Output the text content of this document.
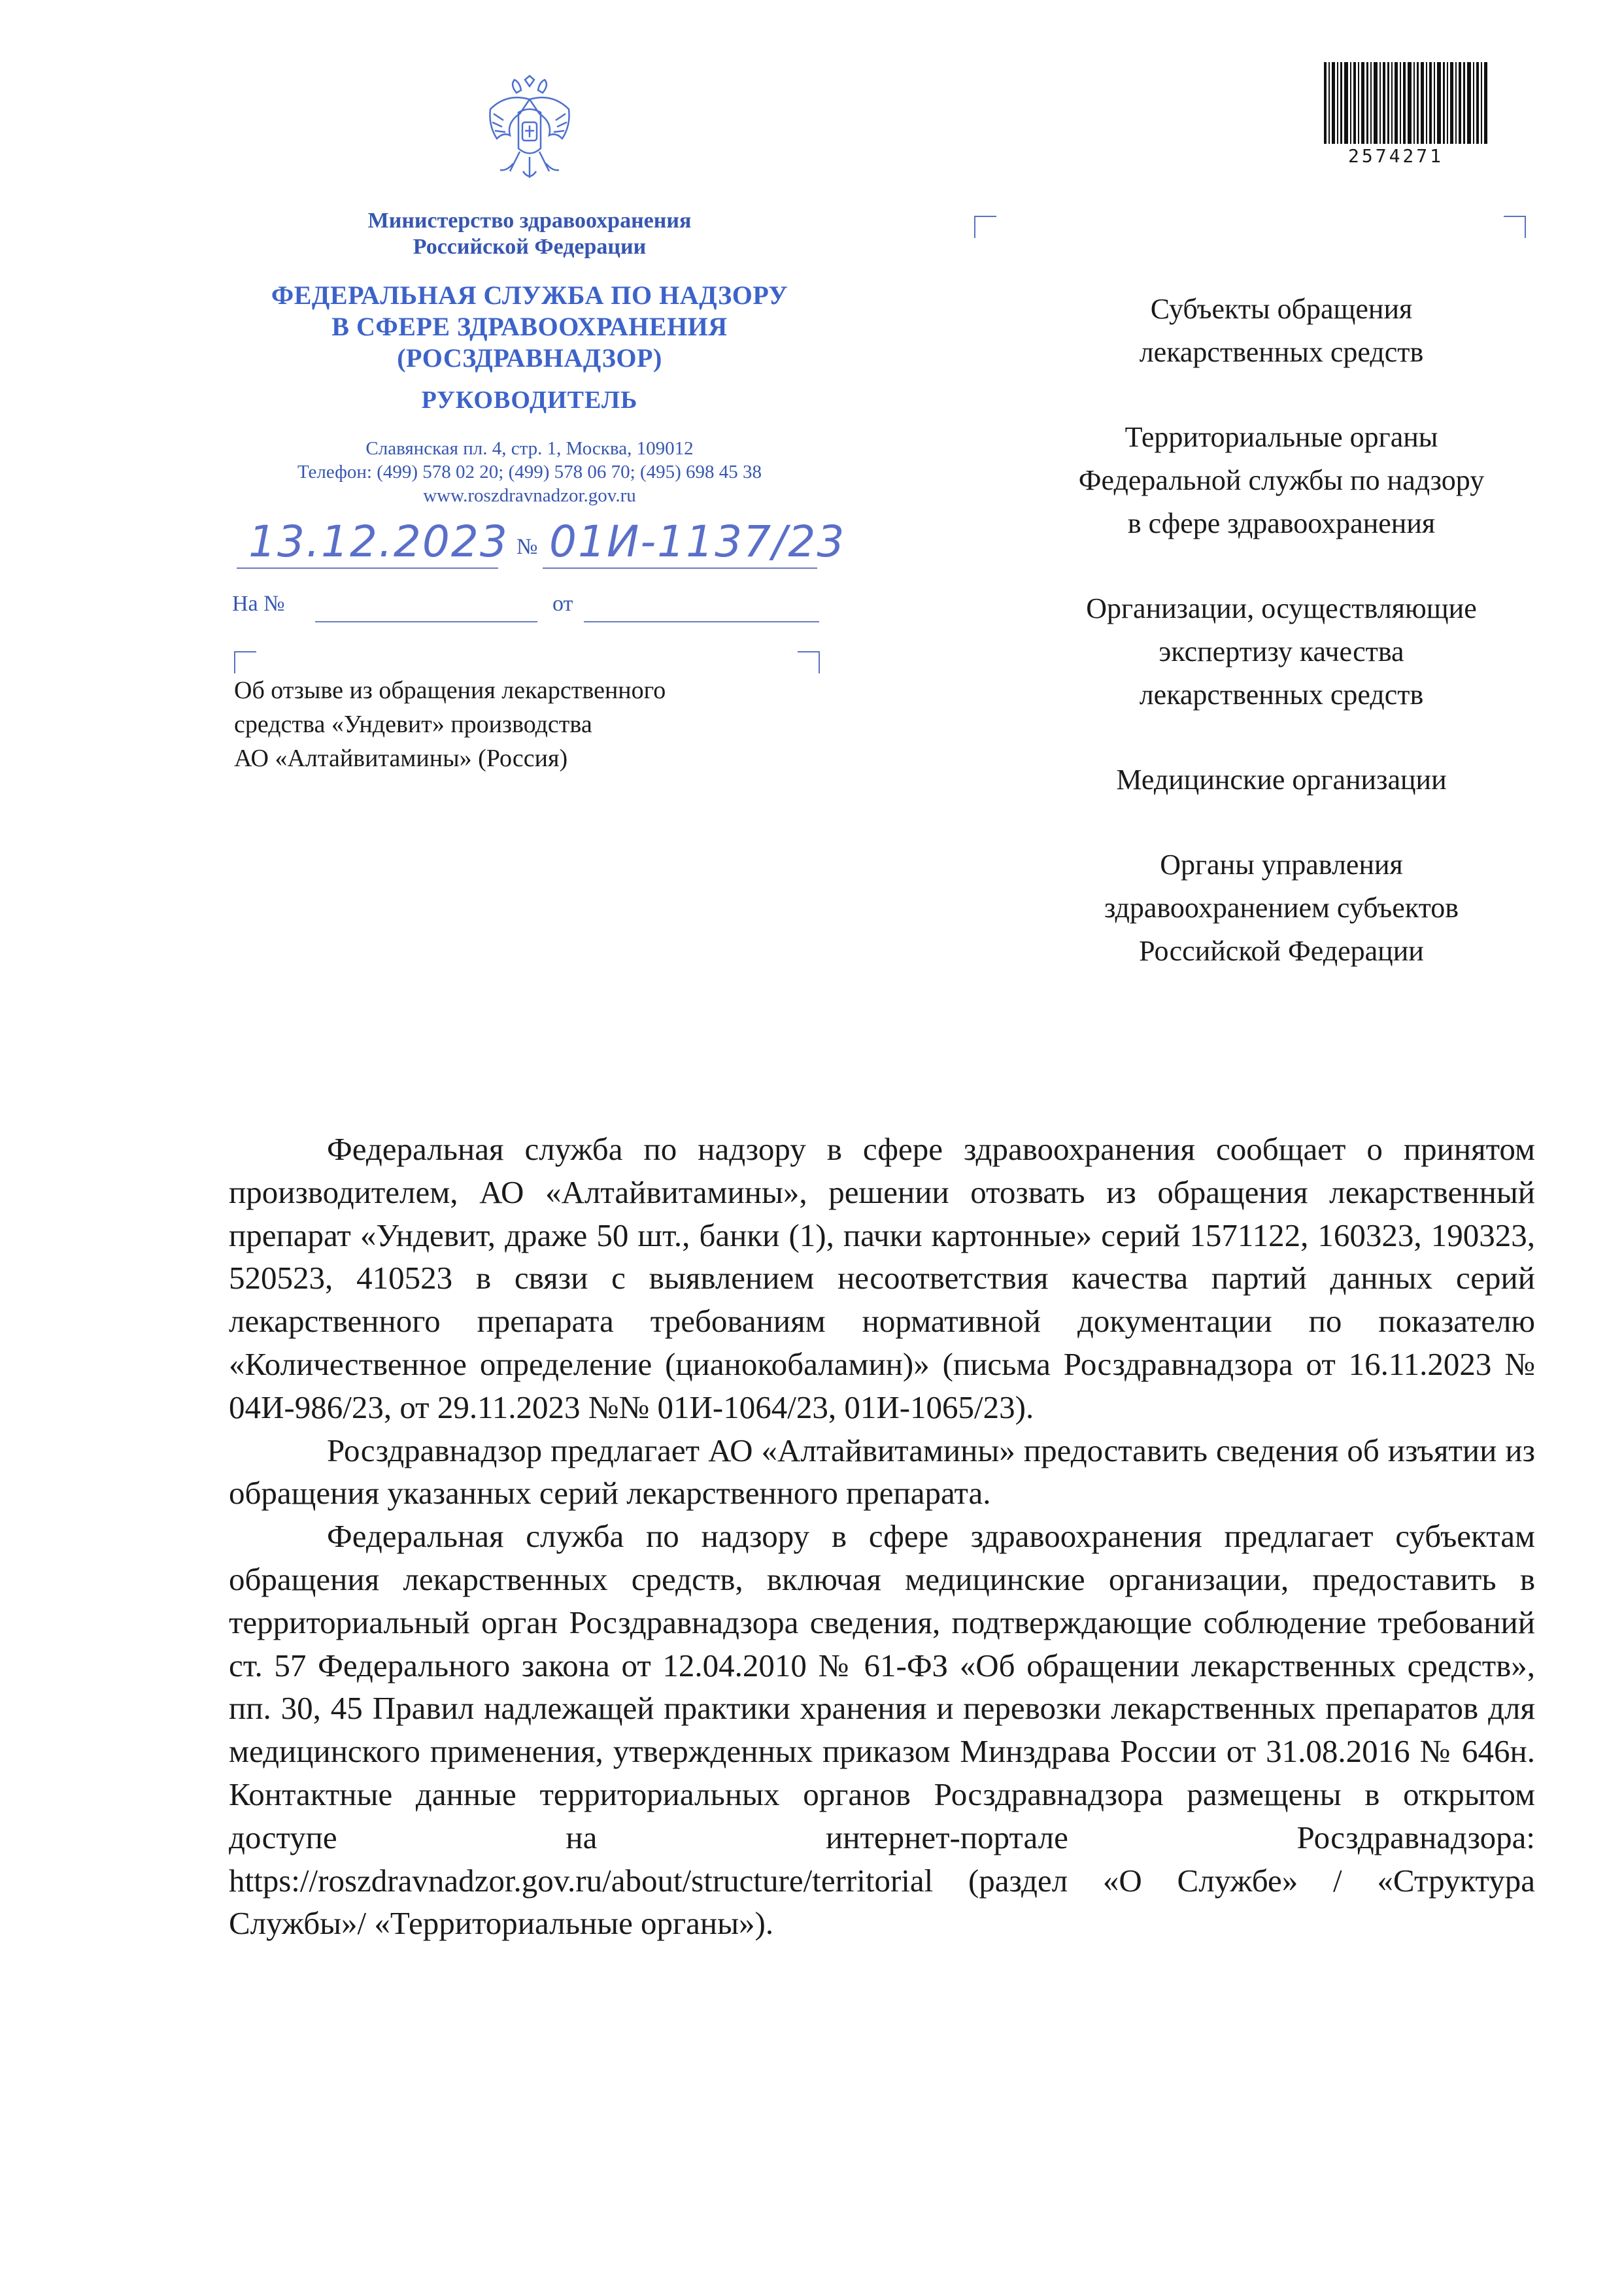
Министерство здравоохранения
Российской Федерации
ФЕДЕРАЛЬНАЯ СЛУЖБА ПО НАДЗОРУ
В СФЕРЕ ЗДРАВООХРАНЕНИЯ
(РОСЗДРАВНАДЗОР)
РУКОВОДИТЕЛЬ
Славянская пл. 4, стр. 1, Москва, 109012
Телефон: (499) 578 02 20; (499) 578 06 70; (495) 698 45 38
www.roszdravnadzor.gov.ru
13.12.2023 № 01И-1137/23
На №	от
Об отзыве из обращения лекарственного
средства «Ундевит» производства
АО «Алтайвитамины» (Россия)
2574271

Субъекты обращения
лекарственных средств

Территориальные органы
Федеральной службы по надзору
в сфере здравоохранения

Организации, осуществляющие
экспертизу качества
лекарственных средств

Медицинские организации

Органы управления
здравоохранением субъектов
Российской Федерации

Федеральная служба по надзору в сфере здравоохранения сообщает о принятом производителем, АО «Алтайвитамины», решении отозвать из обращения лекарственный препарат «Ундевит, драже 50 шт., банки (1), пачки картонные» серий 1571122, 160323, 190323, 520523, 410523 в связи с выявлением несоответствия качества партий данных серий лекарственного препарата требованиям нормативной документации по показателю «Количественное определение (цианокобаламин)» (письма Росздравнадзора от 16.11.2023 № 04И-986/23, от 29.11.2023 №№ 01И-1064/23, 01И-1065/23).

Росздравнадзор предлагает АО «Алтайвитамины» предоставить сведения об изъятии из обращения указанных серий лекарственного препарата.

Федеральная служба по надзору в сфере здравоохранения предлагает субъектам обращения лекарственных средств, включая медицинские организации, предоставить в территориальный орган Росздравнадзора сведения, подтверждающие соблюдение требований ст. 57 Федерального закона от 12.04.2010 № 61-ФЗ «Об обращении лекарственных средств», пп. 30, 45 Правил надлежащей практики хранения и перевозки лекарственных препаратов для медицинского применения, утвержденных приказом Минздрава России от 31.08.2016 № 646н. Контактные данные территориальных органов Росздравнадзора размещены в открытом доступе на интернет-портале Росздравнадзора: https://roszdravnadzor.gov.ru/about/structure/territorial (раздел «О Службе» / «Структура Службы»/ «Территориальные органы»).
